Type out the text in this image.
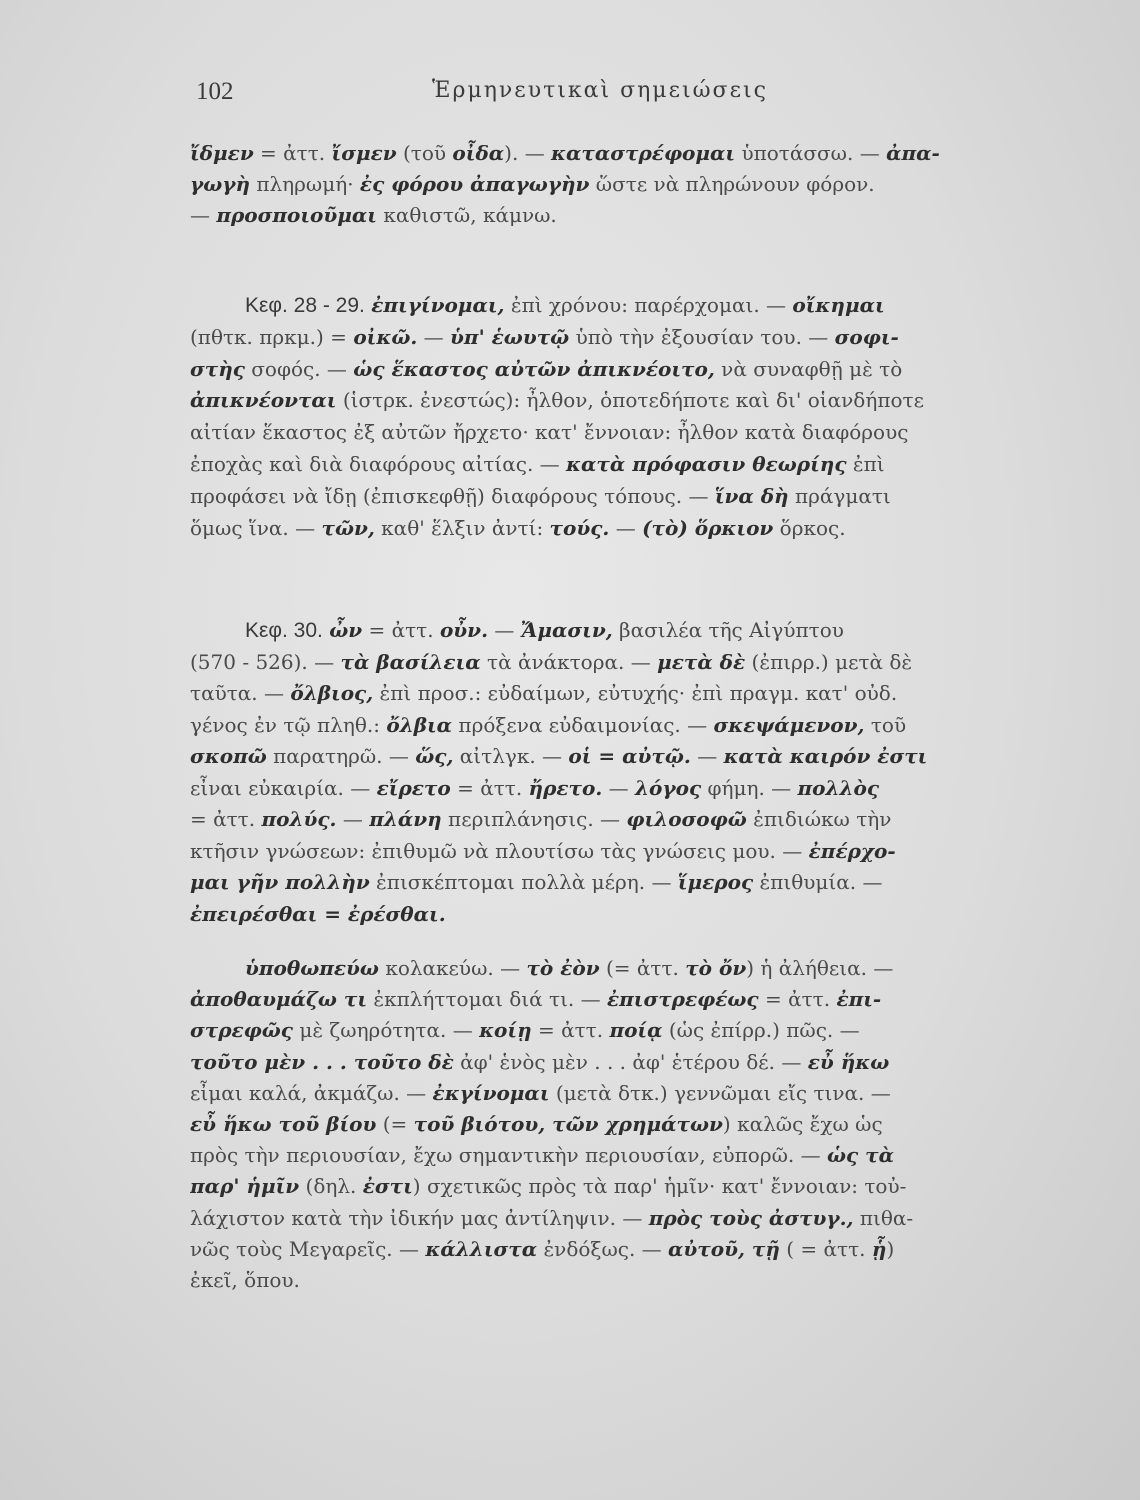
102	Ἑρμηνευτικαὶ σημειώσεις
ἴδμεν = ἀττ. ἴσμεν (τοῦ οἶδα). — καταστρέφομαι ὑποτάσσω. — ἀπα-
γωγὴ πληρωμή· ἐς φόρου ἀπαγωγὴν ὥστε νὰ πληρώνουν φόρον.
— προσποιοῦμαι καθιστῶ, κάμνω.
Κεφ. 28 - 29. ἐπιγίνομαι, ἐπὶ χρόνου: παρέρχομαι. — οἴκημαι
(πθτκ. πρκμ.) = οἰκῶ. — ὑπ' ἑωυτῷ ὑπὸ τὴν ἐξουσίαν του. — σοφι-
στὴς σοφός. — ὡς ἕκαστος αὐτῶν ἀπικνέοιτο, νὰ συναφθῇ μὲ τὸ
ἀπικνέονται (ἱστρκ. ἐνεστώς): ἦλθον, ὁποτεδήποτε καὶ δι' οἱανδήποτε
αἰτίαν ἕκαστος ἐξ αὐτῶν ἤρχετο· κατ' ἔννοιαν: ἦλθον κατὰ διαφόρους
ἐποχὰς καὶ διὰ διαφόρους αἰτίας. — κατὰ πρόφασιν θεωρίης ἐπὶ
προφάσει νὰ ἴδῃ (ἐπισκεφθῇ) διαφόρους τόπους. — ἵνα δὴ πράγματι
ὅμως ἵνα. — τῶν, καθ' ἕλξιν ἀντί: τούς. — (τὸ) ὅρκιον ὅρκος.
Κεφ. 30. ὦν = ἀττ. οὖν. — Ἄμασιν, βασιλέα τῆς Αἰγύπτου
(570 - 526). — τὰ βασίλεια τὰ ἀνάκτορα. — μετὰ δὲ (ἐπιρρ.) μετὰ δὲ
ταῦτα. — ὄλβιος, ἐπὶ προσ.: εὐδαίμων, εὐτυχής· ἐπὶ πραγμ. κατ' οὐδ.
γένος ἐν τῷ πληθ.: ὄλβια πρόξενα εὐδαιμονίας. — σκεψάμενον, τοῦ
σκοπῶ παρατηρῶ. — ὥς, αἰτλγκ. — οἱ = αὐτῷ. — κατὰ καιρόν ἐστι
εἶναι εὐκαιρία. — εἴρετο = ἀττ. ἤρετο. — λόγος φήμη. — πολλὸς
= ἀττ. πολύς. — πλάνη περιπλάνησις. — φιλοσοφῶ ἐπιδιώκω τὴν
κτῆσιν γνώσεων: ἐπιθυμῶ νὰ πλουτίσω τὰς γνώσεις μου. — ἐπέρχο-
μαι γῆν πολλὴν ἐπισκέπτομαι πολλὰ μέρη. — ἵμερος ἐπιθυμία. —
ἐπειρέσθαι = ἐρέσθαι.
ὑποθωπεύω κολακεύω. — τὸ ἐὸν (= ἀττ. τὸ ὄν) ἡ ἀλήθεια. —
ἀποθαυμάζω τι ἐκπλήττομαι διά τι. — ἐπιστρεφέως = ἀττ. ἐπι-
στρεφῶς μὲ ζωηρότητα. — κοίῃ = ἀττ. ποίᾳ (ὡς ἐπίρρ.) πῶς. —
τοῦτο μὲν . . . τοῦτο δὲ ἀφ' ἑνὸς μὲν . . . ἀφ' ἑτέρου δέ. — εὖ ἥκω
εἶμαι καλά, ἀκμάζω. — ἐκγίνομαι (μετὰ δτκ.) γεννῶμαι εἴς τινα. —
εὖ ἥκω τοῦ βίου (= τοῦ βιότου, τῶν χρημάτων) καλῶς ἔχω ὡς
πρὸς τὴν περιουσίαν, ἔχω σημαντικὴν περιουσίαν, εὐπορῶ. — ὡς τὰ
παρ' ἡμῖν (δηλ. ἐστι) σχετικῶς πρὸς τὰ παρ' ἡμῖν· κατ' ἔννοιαν: τοὐ-
λάχιστον κατὰ τὴν ἰδικήν μας ἀντίληψιν. — πρὸς τοὺς ἀστυγ., πιθα-
νῶς τοὺς Μεγαρεῖς. — κάλλιστα ἐνδόξως. — αὐτοῦ, τῇ ( = ἀττ. ᾗ)
ἐκεῖ, ὅπου.
